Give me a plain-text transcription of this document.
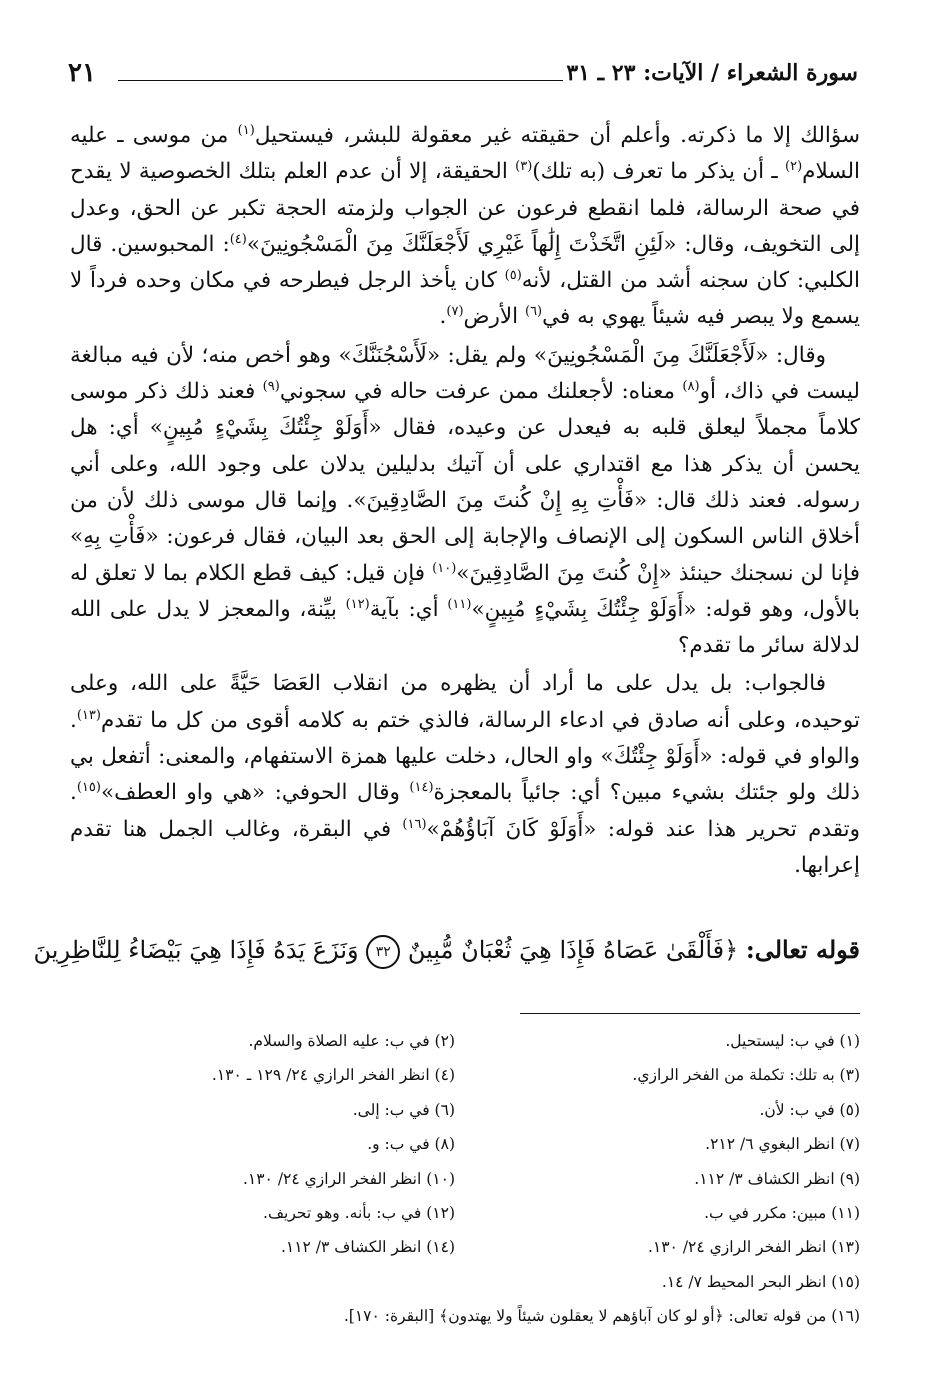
٢١	سورة الشعراء / الآيات: ٢٣ ـ ٣١

سؤالك إلا ما ذكرته. وأعلم أن حقيقته غير معقولة للبشر، فيستحيل$^{(١)}$ من موسى ـ عليه السلام$^{(٢)}$ ـ أن يذكر ما تعرف (به تلك)$^{(٣)}$ الحقيقة، إلا أن عدم العلم بتلك الخصوصية لا يقدح في صحة الرسالة، فلما انقطع فرعون عن الجواب ولزمته الحجة تكبر عن الحق، وعدل إلى التخويف، وقال: «لَئِنِ اتَّخَذْتَ إِلَٰهاً غَيْرِي لَأَجْعَلَنَّكَ مِنَ الْمَسْجُونِينَ»$^{(٤)}$: المحبوسين. قال الكلبي: كان سجنه أشد من القتل، لأنه$^{(٥)}$ كان يأخذ الرجل فيطرحه في مكان وحده فرداً لا يسمع ولا يبصر فيه شيئاً يهوي به في$^{(٦)}$ الأرض$^{(٧)}$.

وقال: «لَأَجْعَلَنَّكَ مِنَ الْمَسْجُونِينَ» ولم يقل: «لَأَسْجُنَنَّكَ» وهو أخص منه؛ لأن فيه مبالغة ليست في ذاك، أو$^{(٨)}$ معناه: لأجعلنك ممن عرفت حاله في سجوني$^{(٩)}$ فعند ذلك ذكر موسى كلاماً مجملاً ليعلق قلبه به فيعدل عن وعيده، فقال «أَوَلَوْ جِئْتُكَ بِشَيْءٍ مُبِينٍ» أي: هل يحسن أن يذكر هذا مع اقتداري على أن آتيك بدليلين يدلان على وجود الله، وعلى أني رسوله. فعند ذلك قال: «فَأْتِ بِهِ إِنْ كُنتَ مِنَ الصَّادِقِينَ». وإنما قال موسى ذلك لأن من أخلاق الناس السكون إلى الإنصاف والإجابة إلى الحق بعد البيان، فقال فرعون: «فَأْتِ بِهِ» فإنا لن نسجنك حينئذ «إِنْ كُنتَ مِنَ الصَّادِقِينَ»$^{(١٠)}$ فإن قيل: كيف قطع الكلام بما لا تعلق له بالأول، وهو قوله: «أَوَلَوْ جِئْتُكَ بِشَيْءٍ مُبِينٍ»$^{(١١)}$ أي: بآية$^{(١٢)}$ بيِّنة، والمعجز لا يدل على الله لدلالة سائر ما تقدم؟

فالجواب: بل يدل على ما أراد أن يظهره من انقلاب العَصَا حَيَّةً على الله، وعلى توحيده، وعلى أنه صادق في ادعاء الرسالة، فالذي ختم به كلامه أقوى من كل ما تقدم$^{(١٣)}$. والواو في قوله: «أَوَلَوْ جِئْتُكَ» واو الحال، دخلت عليها همزة الاستفهام، والمعنى: أتفعل بي ذلك ولو جئتك بشيء مبين؟ أي: جائياً بالمعجزة$^{(١٤)}$ وقال الحوفي: «هي واو العطف»$^{(١٥)}$. وتقدم تحرير هذا عند قوله: «أَوَلَوْ كَانَ آبَاؤُهُمْ»$^{(١٦)}$ في البقرة، وغالب الجمل هنا تقدم إعرابها.

قوله تعالى: ﴿فَأَلْقَىٰ عَصَاهُ فَإِذَا هِيَ ثُعْبَانٌ مُّبِينٌ ٣٢ وَنَزَعَ يَدَهُ فَإِذَا هِيَ بَيْضَاءُ لِلنَّاظِرِينَ
(١) في ب: ليستحيل.
(٢) في ب: عليه الصلاة والسلام.
(٣) به تلك: تكملة من الفخر الرازي.
(٤) انظر الفخر الرازي ٢٤/ ١٢٩ ـ ١٣٠.
(٥) في ب: لأن.
(٦) في ب: إلى.
(٧) انظر البغوي ٦/ ٢١٢.
(٨) في ب: و.
(٩) انظر الكشاف ٣/ ١١٢.
(١٠) انظر الفخر الرازي ٢٤/ ١٣٠.
(١١) مبين: مكرر في ب.
(١٢) في ب: بأنه. وهو تحريف.
(١٣) انظر الفخر الرازي ٢٤/ ١٣٠.
(١٤) انظر الكشاف ٣/ ١١٢.
(١٥) انظر البحر المحيط ٧/ ١٤.
(١٦) من قوله تعالى: ﴿أو لو كان آباؤهم لا يعقلون شيئاً ولا يهتدون﴾ [البقرة: ١٧٠].
